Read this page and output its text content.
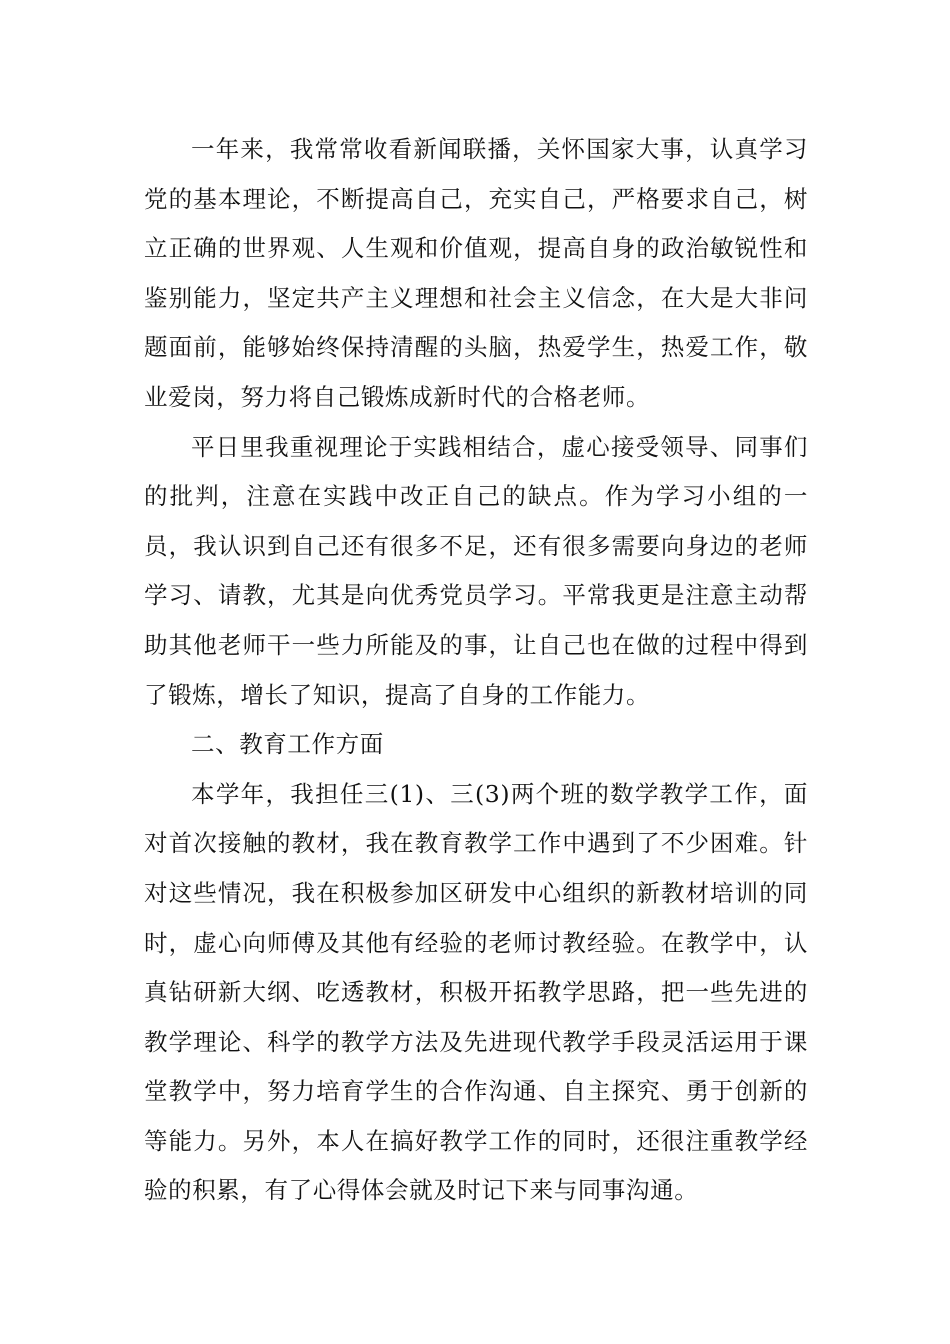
一年来，我常常收看新闻联播，关怀国家大事，认真学习党的基本理论，不断提高自己，充实自己，严格要求自己，树立正确的世界观、人生观和价值观，提高自身的政治敏锐性和鉴别能力，坚定共产主义理想和社会主义信念，在大是大非问题面前，能够始终保持清醒的头脑，热爱学生，热爱工作，敬业爱岗，努力将自己锻炼成新时代的合格老师。

平日里我重视理论于实践相结合，虚心接受领导、同事们的批判，注意在实践中改正自己的缺点。作为学习小组的一员，我认识到自己还有很多不足，还有很多需要向身边的老师学习、请教，尤其是向优秀党员学习。平常我更是注意主动帮助其他老师干一些力所能及的事，让自己也在做的过程中得到了锻炼，增长了知识，提高了自身的工作能力。

二、教育工作方面

本学年，我担任三(1)、三(3)两个班的数学教学工作，面对首次接触的教材，我在教育教学工作中遇到了不少困难。针对这些情况，我在积极参加区研发中心组织的新教材培训的同时，虚心向师傅及其他有经验的老师讨教经验。在教学中，认真钻研新大纲、吃透教材，积极开拓教学思路，把一些先进的教学理论、科学的教学方法及先进现代教学手段灵活运用于课堂教学中，努力培育学生的合作沟通、自主探究、勇于创新的等能力。另外，本人在搞好教学工作的同时，还很注重教学经验的积累，有了心得体会就及时记下来与同事沟通。
